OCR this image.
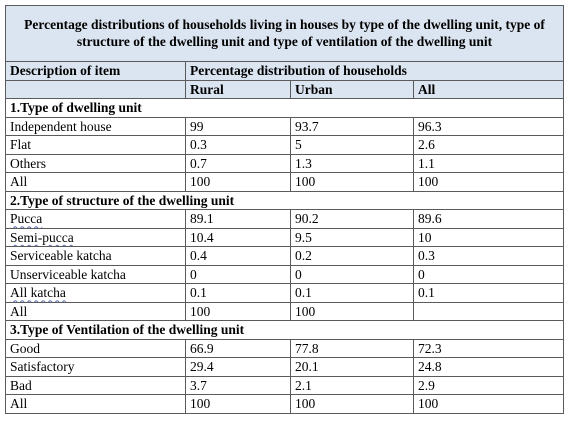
Percentage distributions of households living in houses by type of the dwelling unit, type of structure of the dwelling unit and type of ventilation of the dwelling unit			
Description of item	Percentage distribution of households		
	Rural	Urban	All
1.Type of dwelling unit			
Independent house	99	93.7	96.3
Flat	0.3	5	2.6
Others	0.7	1.3	1.1
All	100	100	100
2.Type of structure of the dwelling unit			
Pucca	89.1	90.2	89.6
Semi-pucca	10.4	9.5	10
Serviceable katcha	0.4	0.2	0.3
Unserviceable katcha	0	0	0
All katcha	0.1	0.1	0.1
All	100	100	
3.Type of Ventilation of the dwelling unit			
Good	66.9	77.8	72.3
Satisfactory	29.4	20.1	24.8
Bad	3.7	2.1	2.9
All	100	100	100
